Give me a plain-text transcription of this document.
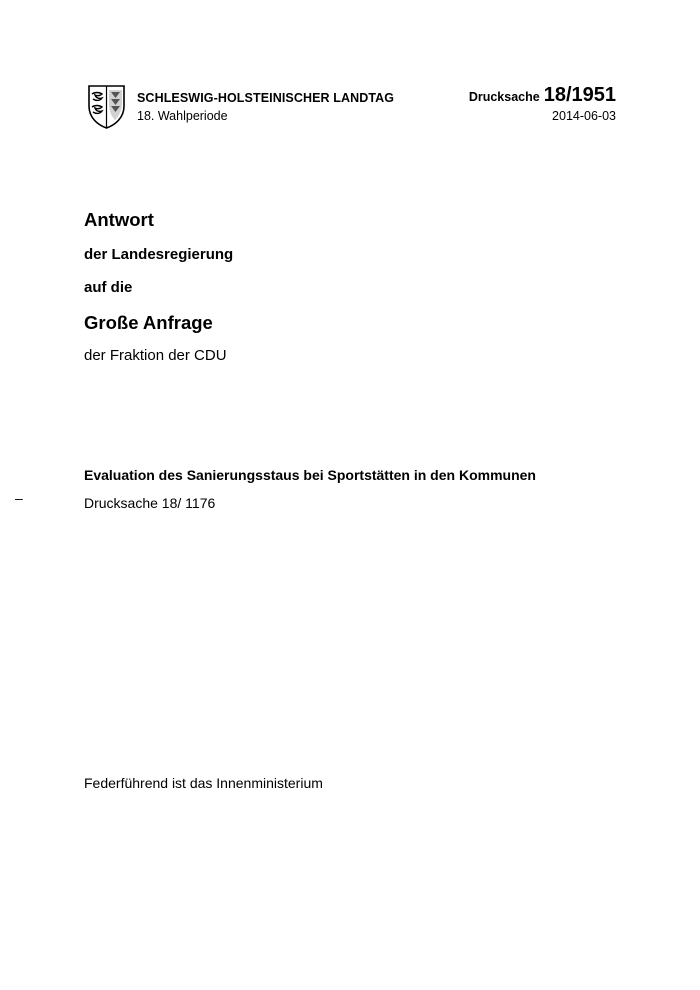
SCHLESWIG-HOLSTEINISCHER LANDTAG
18. Wahlperiode
Drucksache 18/1951
2014-06-03
Antwort
der Landesregierung
auf die
Große Anfrage
der Fraktion der CDU
Evaluation des Sanierungsstaus bei Sportstätten in den Kommunen
–	Drucksache 18/ 1176
Federführend ist das Innenministerium
